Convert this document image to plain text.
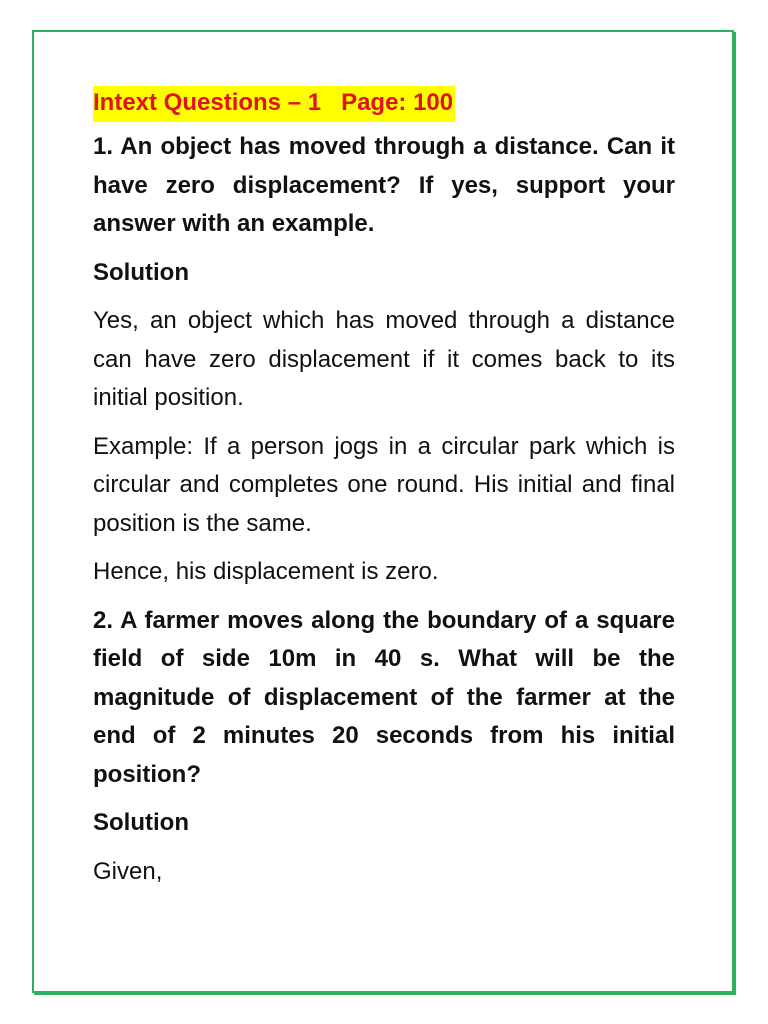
Intext Questions – 1   Page: 100

1. An object has moved through a distance. Can it have zero displacement? If yes, support your answer with an example.

Solution

Yes, an object which has moved through a distance can have zero displacement if it comes back to its initial position.

Example: If a person jogs in a circular park which is circular and completes one round. His initial and final position is the same.

Hence, his displacement is zero.

2. A farmer moves along the boundary of a square field of side 10m in 40 s. What will be the magnitude of displacement of the farmer at the end of 2 minutes 20 seconds from his initial position?

Solution

Given,
